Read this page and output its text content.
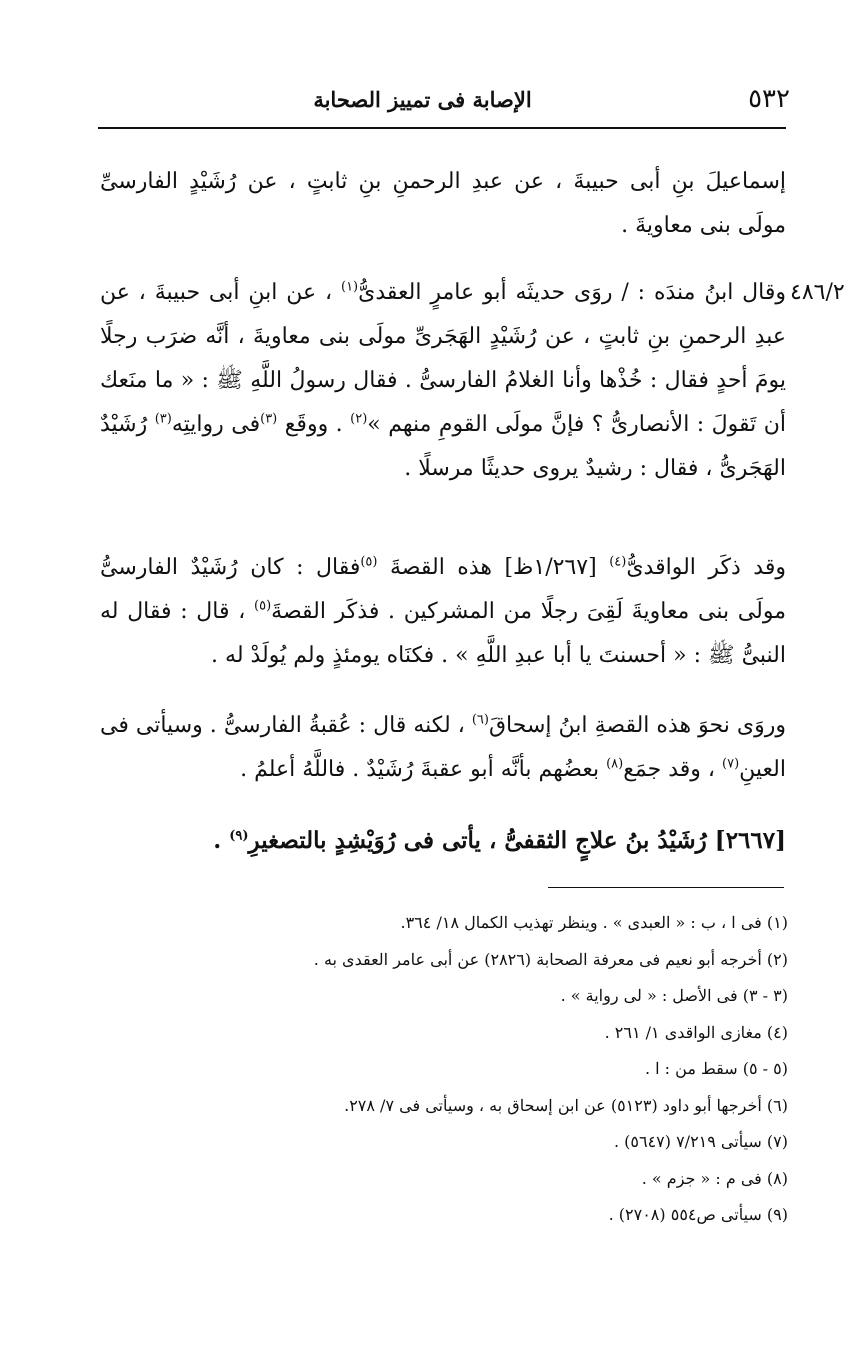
٥٣٢
الإصابة فى تمييز الصحابة
٤٨٦/٢

إسماعيلَ بنِ أبى حبيبةَ ، عن عبدِ الرحمنِ بنِ ثابتٍ ، عن رُشَيْدٍ الفارسىِّ مولَى بنى معاويةَ .

وقال ابنُ مندَه : / روَى حديثَه أبو عامرٍ العقدىُّ$^{(١)}$ ، عن ابنِ أبى حبيبةَ ، عن عبدِ الرحمنِ بنِ ثابتٍ ، عن رُشَيْدٍ الهَجَرىِّ مولَى بنى معاويةَ ، أنَّه ضرَب رجلًا يومَ أحدٍ فقال : خُذْها وأنا الغلامُ الفارسىُّ . فقال رسولُ اللَّهِ ﷺ : « ما منَعك أن تَقولَ : الأنصارىُّ ؟ فإنَّ مولَى القومِ منهم »$^{(٢)}$ . ووقَع $^{(٣)}$فى روايتِه$^{(٣)}$ رُشَيْدٌ الهَجَرىُّ ، فقال : رشيدٌ يروى حديثًا مرسلًا .

وقد ذكَر الواقدىُّ$^{(٤)}$ [١/٢٦٧ظ] هذه القصةَ $^{(٥)}$فقال : كان رُشَيْدٌ الفارسىُّ مولَى بنى معاويةَ لَقِىَ رجلًا من المشركين . فذكَر القصةَ$^{(٥)}$ ، قال : فقال له النبىُّ ﷺ : « أحسنتَ يا أبا عبدِ اللَّهِ » . فكنَاه يومئذٍ ولم يُولَدْ له .

وروَى نحوَ هذه القصةِ ابنُ إسحاقَ$^{(٦)}$ ، لكنه قال : عُقبةُ الفارسىُّ . وسيأتى فى العينِ$^{(٧)}$ ، وقد جمَع$^{(٨)}$ بعضُهم بأنَّه أبو عقبةَ رُشَيْدٌ . فاللَّهُ أعلمُ .

[٢٦٦٧] رُشَيْدُ بنُ علاجٍ الثقفىُّ ، يأتى فى رُوَيْشِدٍ بالتصغيرِ$^{(٩)}$ .
(١) فى ا ، ب : « العبدى » . وينظر تهذيب الكمال ١٨/ ٣٦٤.
(٢) أخرجه أبو نعيم فى معرفة الصحابة (٢٨٢٦) عن أبى عامر العقدى به .
(٣ - ٣) فى الأصل : « لى رواية » .
(٤) مغازى الواقدى ١/ ٢٦١ .
(٥ - ٥) سقط من : ا .
(٦) أخرجها أبو داود (٥١٢٣) عن ابن إسحاق به ، وسيأتى فى ٧/ ٢٧٨.
(٧) سيأتى ٧/٢١٩ (٥٦٤٧) .
(٨) فى م : « جزم » .
(٩) سيأتى ص٥٥٤ (٢٧٠٨) .
